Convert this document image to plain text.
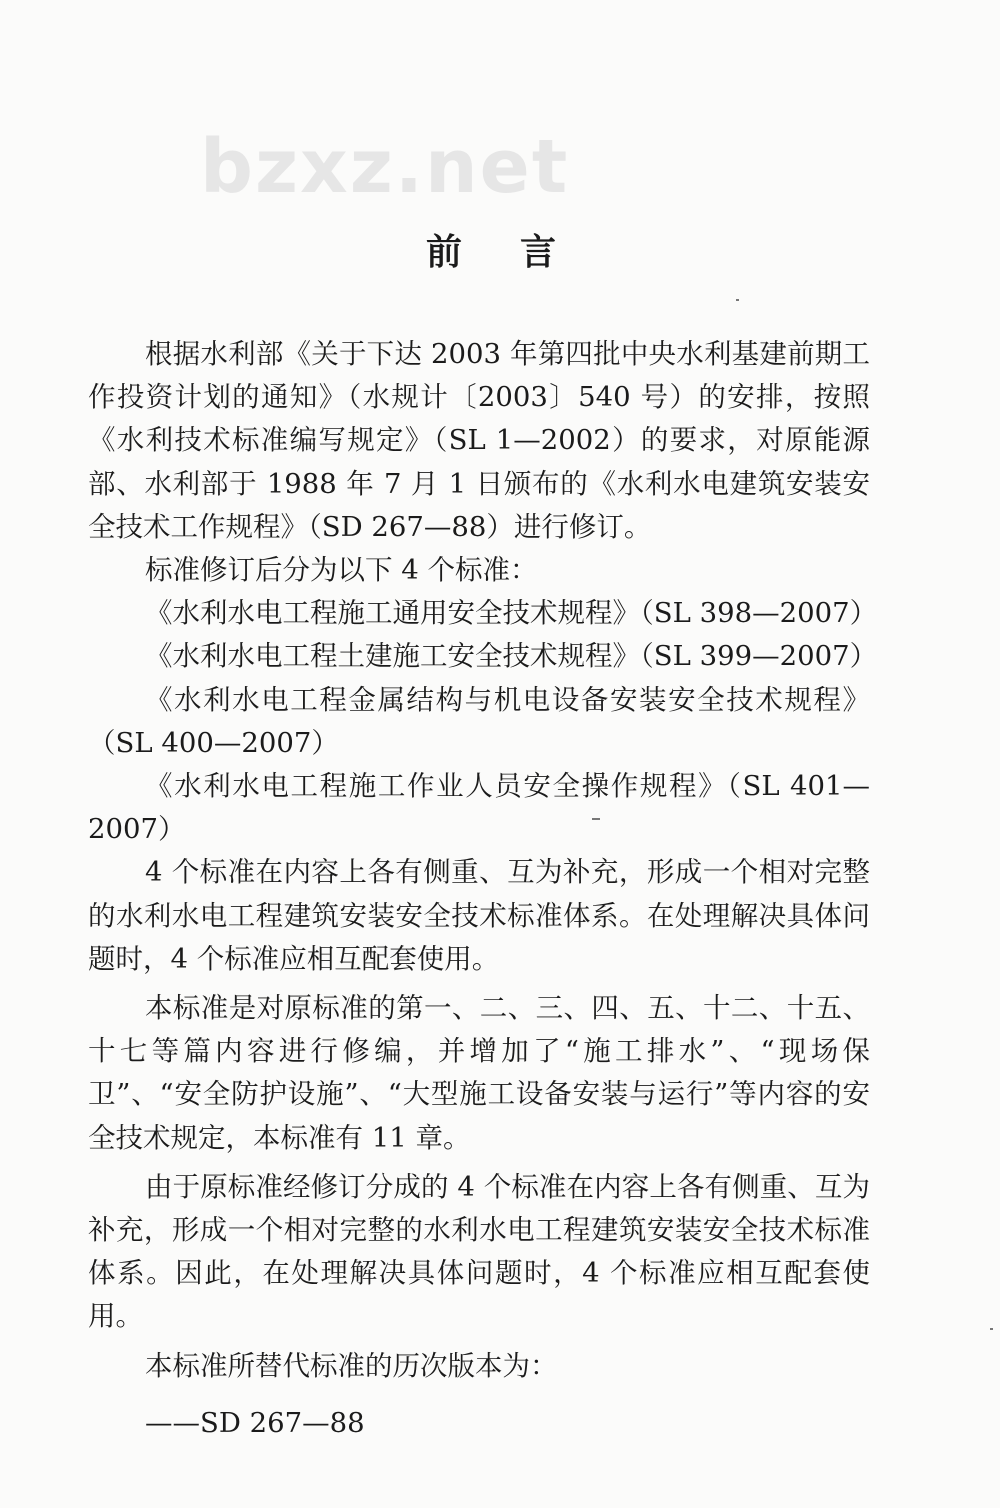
bzxz.net
前言

根据水利部《关于下达 2003 年第四批中央水利基建前期工作投资计划的通知》（水规计〔2003〕540 号）的安排，按照《水利技术标准编写规定》（SL 1—2002）的要求，对原能源部、水利部于 1988 年 7 月 1 日颁布的《水利水电建筑安装安全技术工作规程》（SD 267—88）进行修订。

标准修订后分为以下 4 个标准：

《水利水电工程施工通用安全技术规程》（SL 398—2007）

《水利水电工程土建施工安全技术规程》（SL 399—2007）

《水利水电工程金属结构与机电设备安装安全技术规程》（SL 400—2007）

《水利水电工程施工作业人员安全操作规程》（SL 401—2007）

4 个标准在内容上各有侧重、互为补充，形成一个相对完整的水利水电工程建筑安装安全技术标准体系。在处理解决具体问题时，4 个标准应相互配套使用。

本标准是对原标准的第一、二、三、四、五、十二、十五、十七等篇内容进行修编，并增加了“施工排水”、“现场保卫”、“安全防护设施”、“大型施工设备安装与运行”等内容的安全技术规定，本标准有 11 章。

由于原标准经修订分成的 4 个标准在内容上各有侧重、互为补充，形成一个相对完整的水利水电工程建筑安装安全技术标准体系。因此，在处理解决具体问题时，4 个标准应相互配套使用。

本标准所替代标准的历次版本为：

——SD 267—88
